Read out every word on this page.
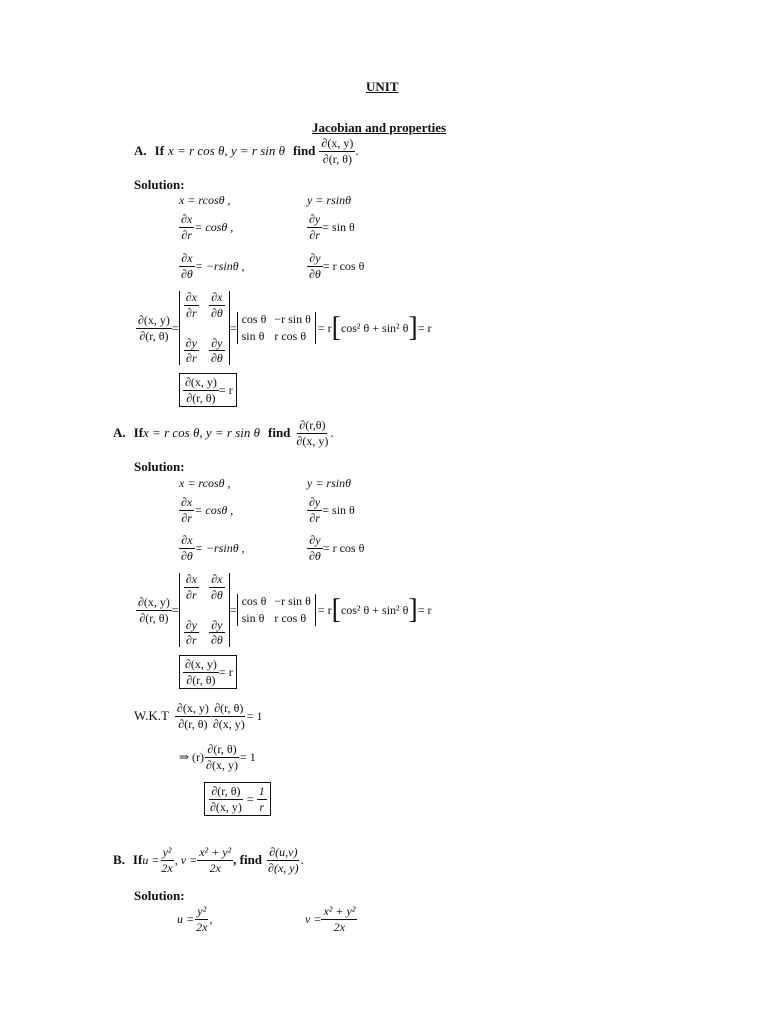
UNIT
Jacobian and properties
A. If x = r cos θ, y = r sin θ find $\frac{\partial(x, y)}{\partial(r, \theta)}$ .
Solution:
x = rcosθ ,	y = rsinθ
$\frac{\partial x}{\partial r} = \cos\theta$ ,	$\frac{\partial y}{\partial r} = \sin \theta$
$\frac{\partial x}{\partial\theta} = -rsin\theta$ ,	$\frac{\partial y}{\partial\theta} = r$ cos θ
$\frac{\partial(x, y)}{\partial(r, \theta)}$ =
$\frac{\partial x}{\partial r} \frac{\partial x}{\partial\theta}$
$\frac{\partial y}{\partial r} \frac{\partial y}{\partial\theta}$
=
cos θ −r sin θ
sin θ r cos θ
= r [ cos² θ + sin² θ ] = r
$\frac{\partial(x, y)}{\partial(r, \theta)} = r$
A. If x = r cos θ, y = r sin θ find $\frac{\partial(r,\theta)}{\partial(x, y)}$ .
Solution:
x = rcosθ ,	y = rsinθ
$\frac{\partial x}{\partial r} = \cos\theta$ ,	$\frac{\partial y}{\partial r} = \sin \theta$
$\frac{\partial x}{\partial\theta} = -rsin\theta$ ,	$\frac{\partial y}{\partial\theta} = r$ cos θ
$\frac{\partial(x, y)}{\partial(r, \theta)}$ =
$\frac{\partial x}{\partial r} \frac{\partial x}{\partial\theta}$
$\frac{\partial y}{\partial r} \frac{\partial y}{\partial\theta}$
=
cos θ −r sin θ
sin θ r cos θ
= r [ cos² θ + sin² θ ] = r
$\frac{\partial(x, y)}{\partial(r, \theta)} = r$
$W.K.T \frac{\partial(x, y)}{\partial(r, \theta)} \frac{\partial(r, \theta)}{\partial(x, y)} = 1$
⇒ $(r) \frac{\partial(r, \theta)}{\partial(x, y)} = 1$
$\frac{\partial(r, \theta)}{\partial(x, y)} = \frac{1}{r}$
B. If $u = \frac{\text{y²}}{2x}$ , $v = \frac{\text{x² + y²}}{2x}$ , find $\frac{\partial(u,v)}{\partial(x, y)}$ .
Solution:
$u = \frac{\text{y²}}{2x}$ ,	$v = \frac{\text{x² + y²}}{2x}$
